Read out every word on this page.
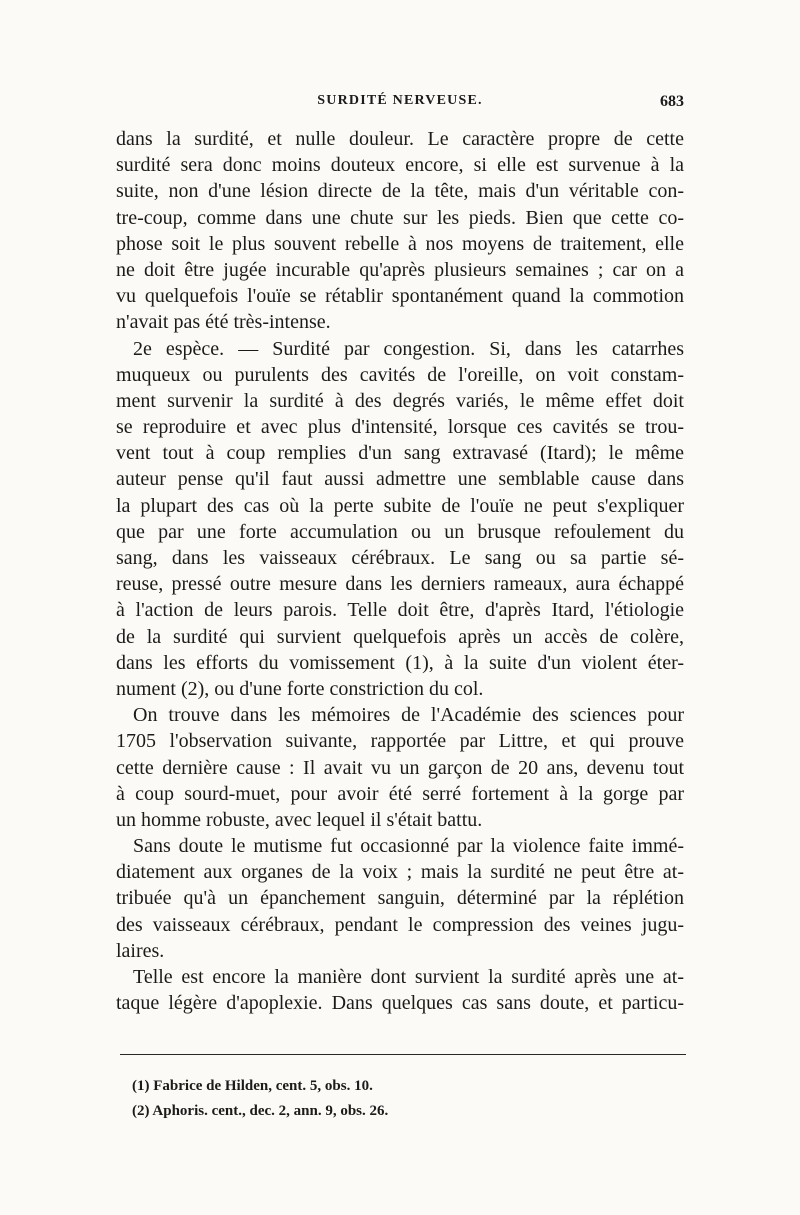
SURDITÉ NERVEUSE.	683
dans la surdité, et nulle douleur. Le caractère propre de cette
surdité sera donc moins douteux encore, si elle est survenue à la
suite, non d'une lésion directe de la tête, mais d'un véritable con-
tre-coup, comme dans une chute sur les pieds. Bien que cette co-
phose soit le plus souvent rebelle à nos moyens de traitement, elle
ne doit être jugée incurable qu'après plusieurs semaines ; car on a
vu quelquefois l'ouïe se rétablir spontanément quand la commotion
n'avait pas été très-intense.
2e espèce. — Surdité par congestion. Si, dans les catarrhes
muqueux ou purulents des cavités de l'oreille, on voit constam-
ment survenir la surdité à des degrés variés, le même effet doit
se reproduire et avec plus d'intensité, lorsque ces cavités se trou-
vent tout à coup remplies d'un sang extravasé (Itard); le même
auteur pense qu'il faut aussi admettre une semblable cause dans
la plupart des cas où la perte subite de l'ouïe ne peut s'expliquer
que par une forte accumulation ou un brusque refoulement du
sang, dans les vaisseaux cérébraux. Le sang ou sa partie sé-
reuse, pressé outre mesure dans les derniers rameaux, aura échappé
à l'action de leurs parois. Telle doit être, d'après Itard, l'étiologie
de la surdité qui survient quelquefois après un accès de colère,
dans les efforts du vomissement (1), à la suite d'un violent éter-
nument (2), ou d'une forte constriction du col.
On trouve dans les mémoires de l'Académie des sciences pour
1705 l'observation suivante, rapportée par Littre, et qui prouve
cette dernière cause : Il avait vu un garçon de 20 ans, devenu tout
à coup sourd-muet, pour avoir été serré fortement à la gorge par
un homme robuste, avec lequel il s'était battu.
Sans doute le mutisme fut occasionné par la violence faite immé-
diatement aux organes de la voix ; mais la surdité ne peut être at-
tribuée qu'à un épanchement sanguin, déterminé par la réplétion
des vaisseaux cérébraux, pendant le compression des veines jugu-
laires.
Telle est encore la manière dont survient la surdité après une at-
taque légère d'apoplexie. Dans quelques cas sans doute, et particu-
(1) Fabrice de Hilden, cent. 5, obs. 10.
(2) Aphoris. cent., dec. 2, ann. 9, obs. 26.
